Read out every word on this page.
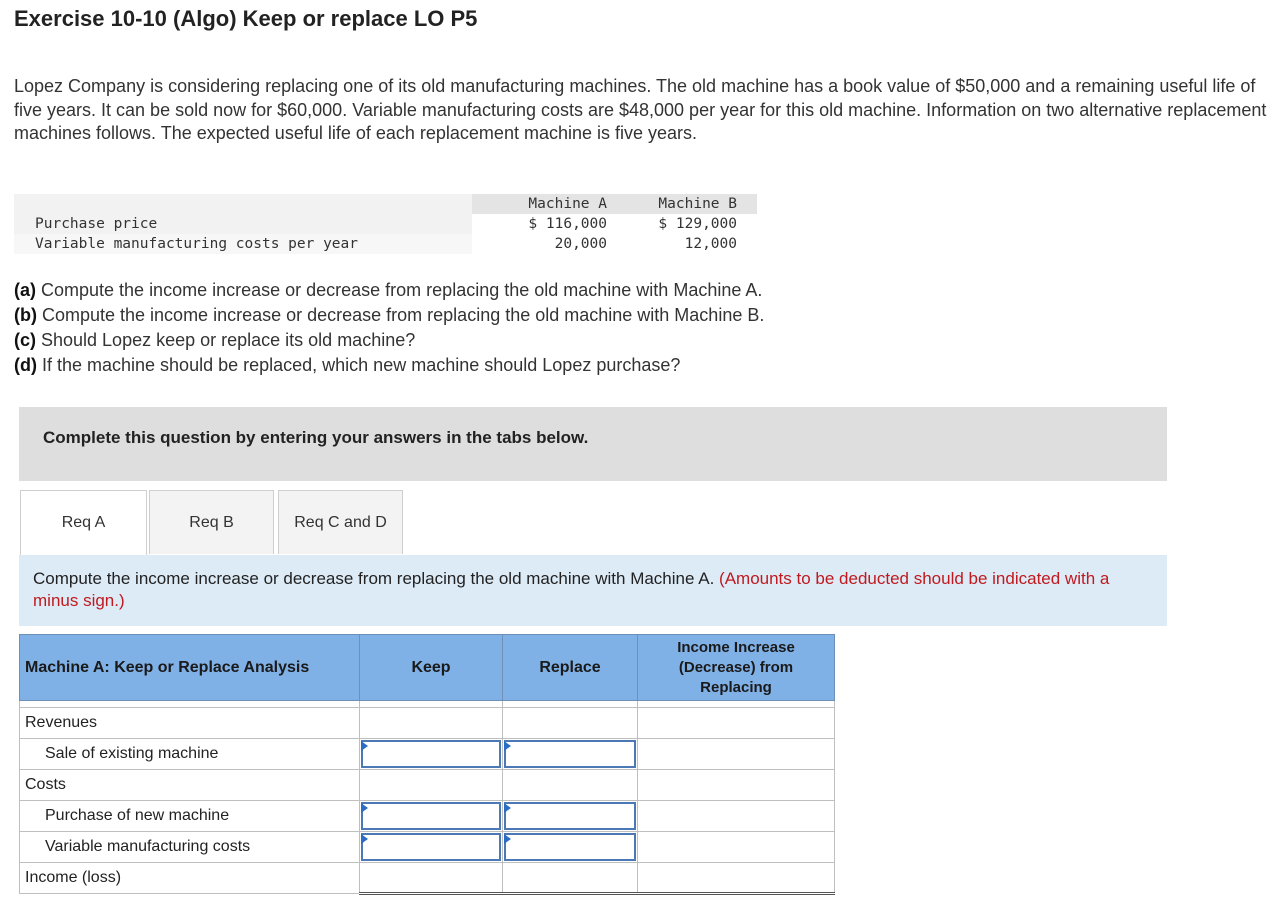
Exercise 10-10 (Algo) Keep or replace LO P5

Lopez Company is considering replacing one of its old manufacturing machines. The old machine has a book value of $50,000 and a remaining useful life of five years. It can be sold now for $60,000. Variable manufacturing costs are $48,000 per year for this old machine. Information on two alternative replacement machines follows. The expected useful life of each replacement machine is five years.

	Machine A	Machine B
Purchase price	$ 116,000	$ 129,000
Variable manufacturing costs per year	20,000	12,000
(a) Compute the income increase or decrease from replacing the old machine with Machine A.
(b) Compute the income increase or decrease from replacing the old machine with Machine B.
(c) Should Lopez keep or replace its old machine?
(d) If the machine should be replaced, which new machine should Lopez purchase?
Complete this question by entering your answers in the tabs below.
Req A	Req B	Req C and D
Compute the income increase or decrease from replacing the old machine with Machine A. (Amounts to be deducted should be indicated with a minus sign.)
Machine A: Keep or Replace Analysis	Keep	Replace	Income Increase (Decrease) from Replacing

Revenues			
Sale of existing machine	

Costs			
Purchase of new machine	

Variable manufacturing costs	

Income (loss)			
